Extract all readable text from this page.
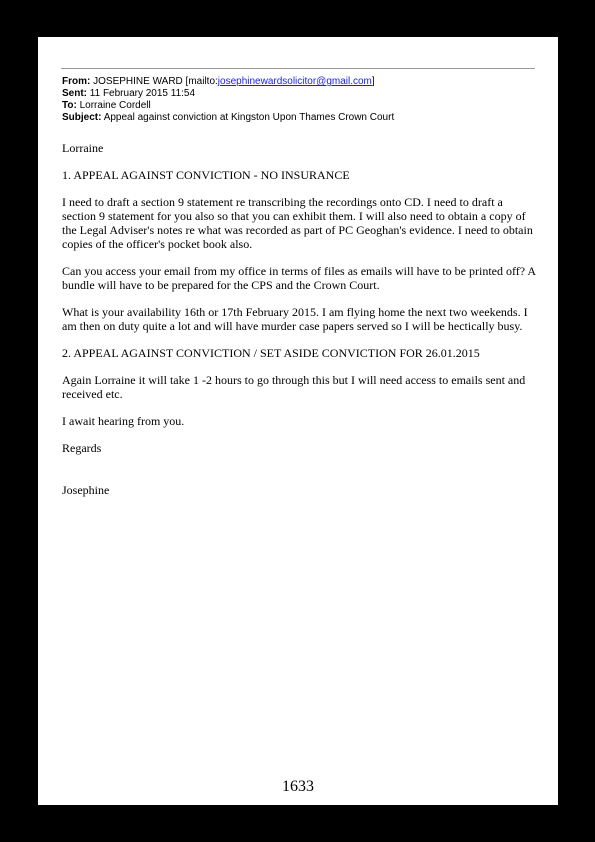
From: JOSEPHINE WARD [mailto:josephinewardsolicitor@gmail.com]
Sent: 11 February 2015 11:54
To: Lorraine Cordell
Subject: Appeal against conviction at Kingston Upon Thames Crown Court

Lorraine

1. APPEAL AGAINST CONVICTION - NO INSURANCE

I need to draft a section 9 statement re transcribing the recordings onto CD. I need to draft a section 9 statement for you also so that you can exhibit them. I will also need to obtain a copy of the Legal Adviser's notes re what was recorded as part of PC Geoghan's evidence. I need to obtain copies of the officer's pocket book also.

Can you access your email from my office in terms of files as emails will have to be printed off? A bundle will have to be prepared for the CPS and the Crown Court.

What is your availability 16th or 17th February 2015. I am flying home the next two weekends. I am then on duty quite a lot and will have murder case papers served so I will be hectically busy.

2. APPEAL AGAINST CONVICTION / SET ASIDE CONVICTION FOR 26.01.2015

Again Lorraine it will take 1 -2 hours to go through this but I will need access to emails sent and received etc.

I await hearing from you.

Regards

Josephine

1633
